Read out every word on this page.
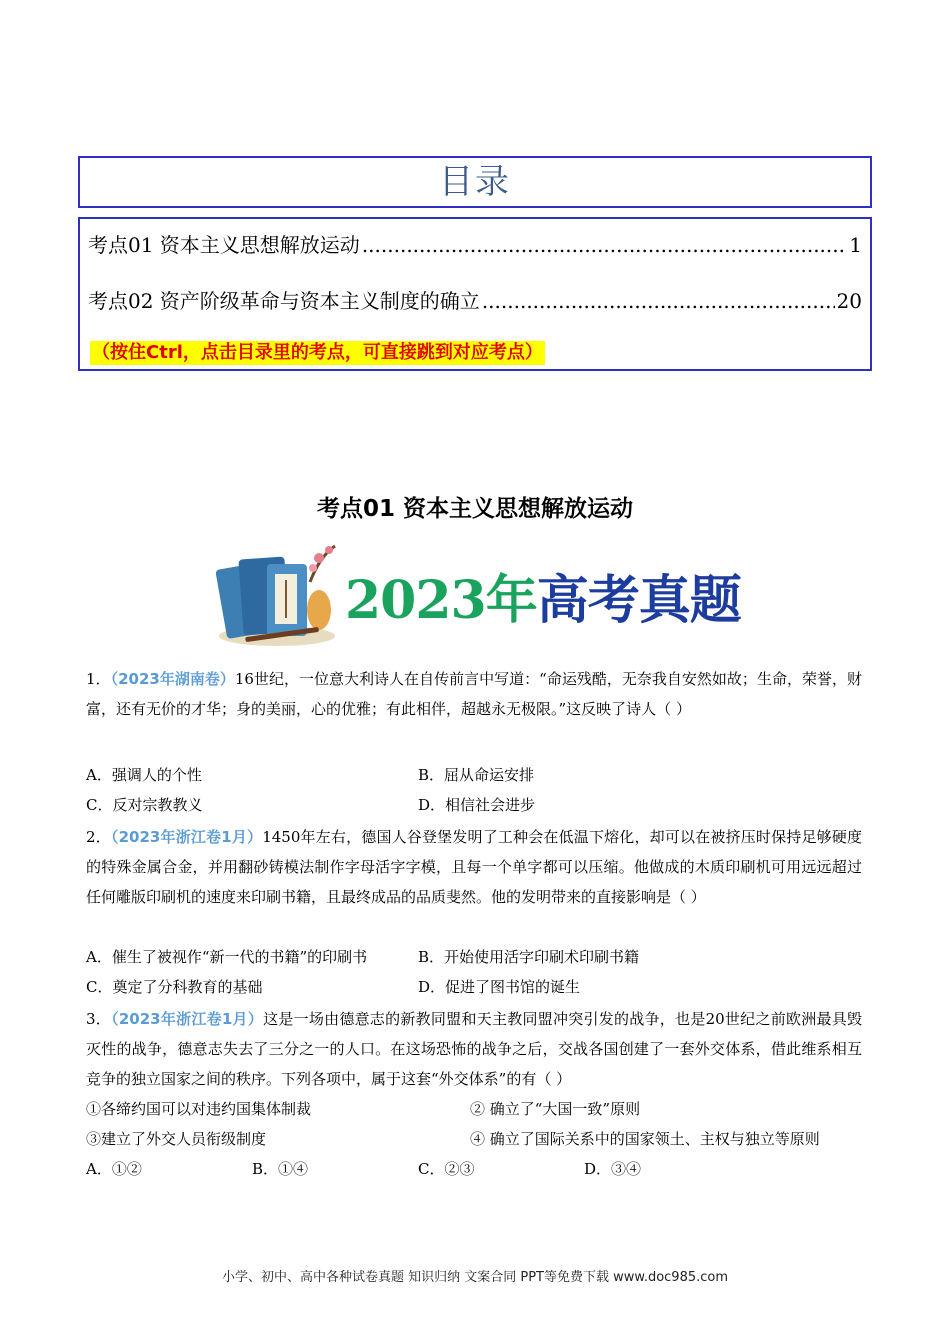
目录
考点01 资本主义思想解放运动 .....	1
考点02 资产阶级革命与资本主义制度的确立 .....	20
（按住Ctrl，点击目录里的考点，可直接跳到对应考点）
考点01 资本主义思想解放运动
2023年高考真题
1．（2023年湖南卷）16世纪，一位意大利诗人在自传前言中写道：“命运残酷，无奈我自安然如故；生命，荣誉，财富，还有无价的才华；身的美丽，心的优雅；有此相伴，超越永无极限。”这反映了诗人（ ）
A．强调人的个性	B．屈从命运安排
C．反对宗教教义	D．相信社会进步
2．（2023年浙江卷1月）1450年左右，德国人谷登堡发明了工种会在低温下熔化，却可以在被挤压时保持足够硬度的特殊金属合金，并用翻砂铸模法制作字母活字字模，且每一个单字都可以压缩。他做成的木质印刷机可用远远超过任何雕版印刷机的速度来印刷书籍，且最终成品的品质斐然。他的发明带来的直接影响是（ ）
A．催生了被视作“新一代的书籍”的印刷书	B．开始使用活字印刷术印刷书籍
C．奠定了分科教育的基础	D．促进了图书馆的诞生
3．（2023年浙江卷1月）这是一场由德意志的新教同盟和天主教同盟冲突引发的战争，也是20世纪之前欧洲最具毁灭性的战争，德意志失去了三分之一的人口。在这场恐怖的战争之后，交战各国创建了一套外交体系，借此维系相互竞争的独立国家之间的秩序。下列各项中，属于这套“外交体系”的有（ ）
①各缔约国可以对违约国集体制裁	② 确立了“大国一致”原则
③建立了外交人员衔级制度	④ 确立了国际关系中的国家领土、主权与独立等原则
A．①②	B．①④	C．②③	D．③④
小学、初中、高中各种试卷真题 知识归纳 文案合同 PPT等免费下载 www.doc985.com
